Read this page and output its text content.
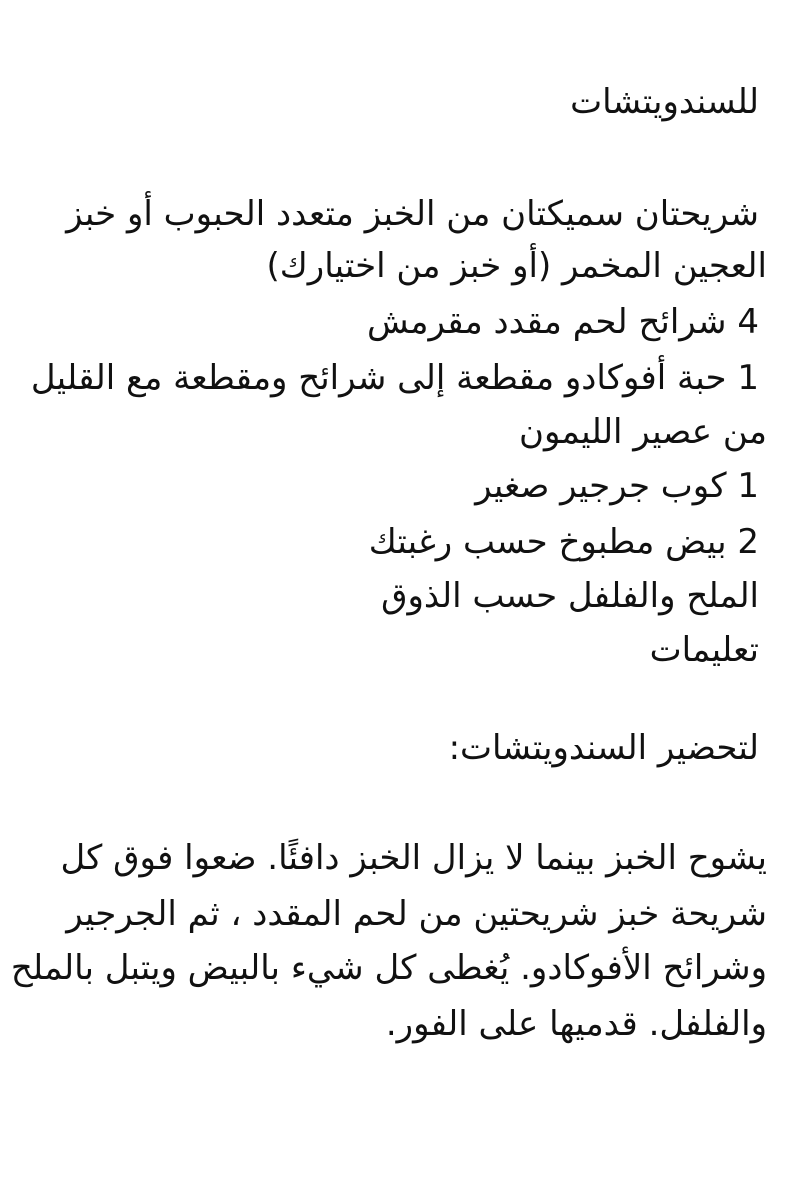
للسندويتشات
شريحتان سميكتان من الخبز متعدد الحبوب أو خبز
العجين المخمر (أو خبز من اختيارك)
4 شرائح لحم مقدد مقرمش
1 حبة أفوكادو مقطعة إلى شرائح ومقطعة مع القليل
من عصير الليمون
1 كوب جرجير صغير
2 بيض مطبوخ حسب رغبتك
الملح والفلفل حسب الذوق
تعليمات
لتحضير السندويتشات:
يشوح الخبز بينما لا يزال الخبز دافئًا. ضعوا فوق كل
شريحة خبز شريحتين من لحم المقدد ، ثم الجرجير
وشرائح الأفوكادو. يُغطى كل شيء بالبيض ويتبل بالملح
والفلفل. قدميها على الفور.
